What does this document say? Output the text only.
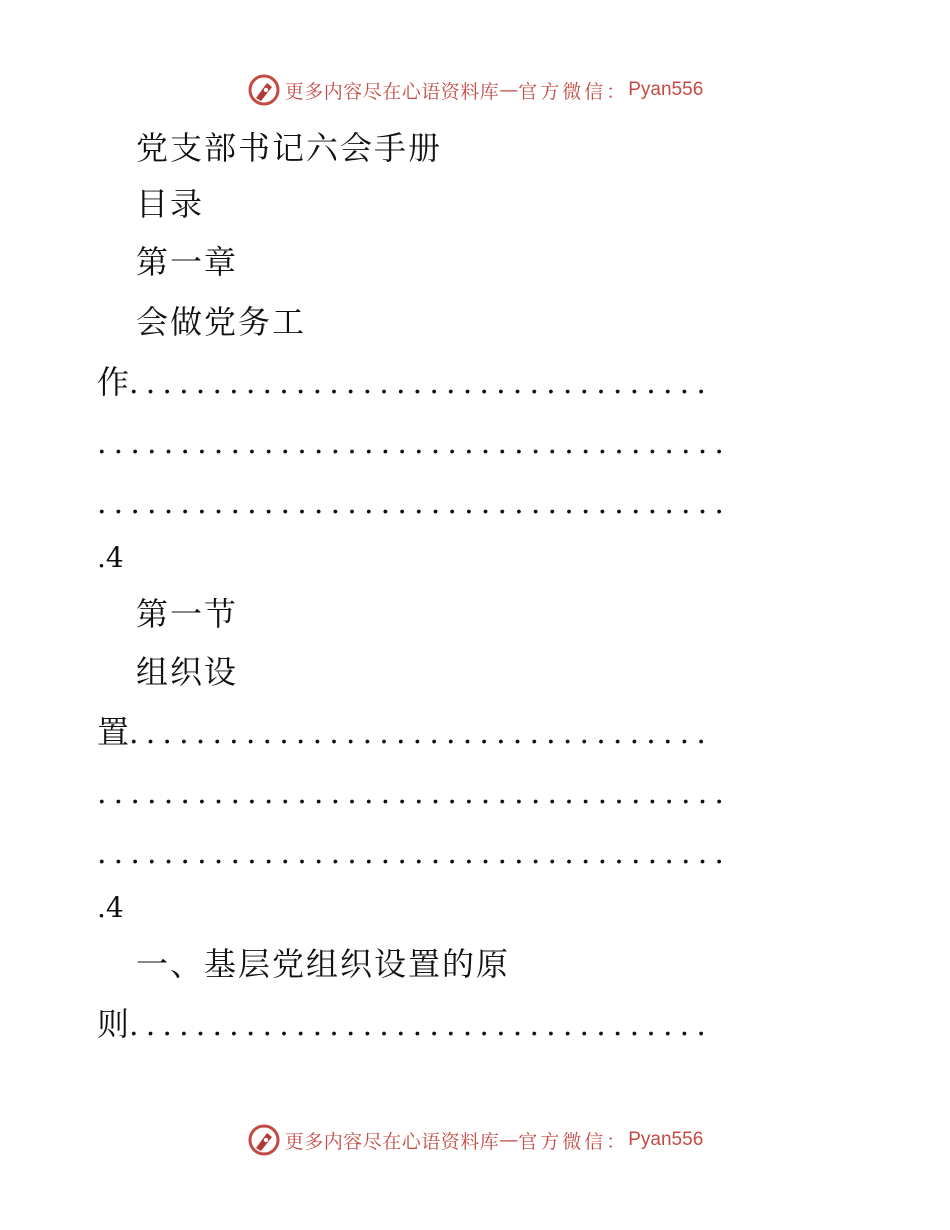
更多内容尽在心语资料库 — 官方微信： Pyan556
党支部书记六会手册
目录
第一章
会做党务工
作...................................
......................................
......................................
.4
第一节
组织设
置...................................
......................................
......................................
.4
一、基层党组织设置的原
则...................................
更多内容尽在心语资料库 — 官方微信： Pyan556
